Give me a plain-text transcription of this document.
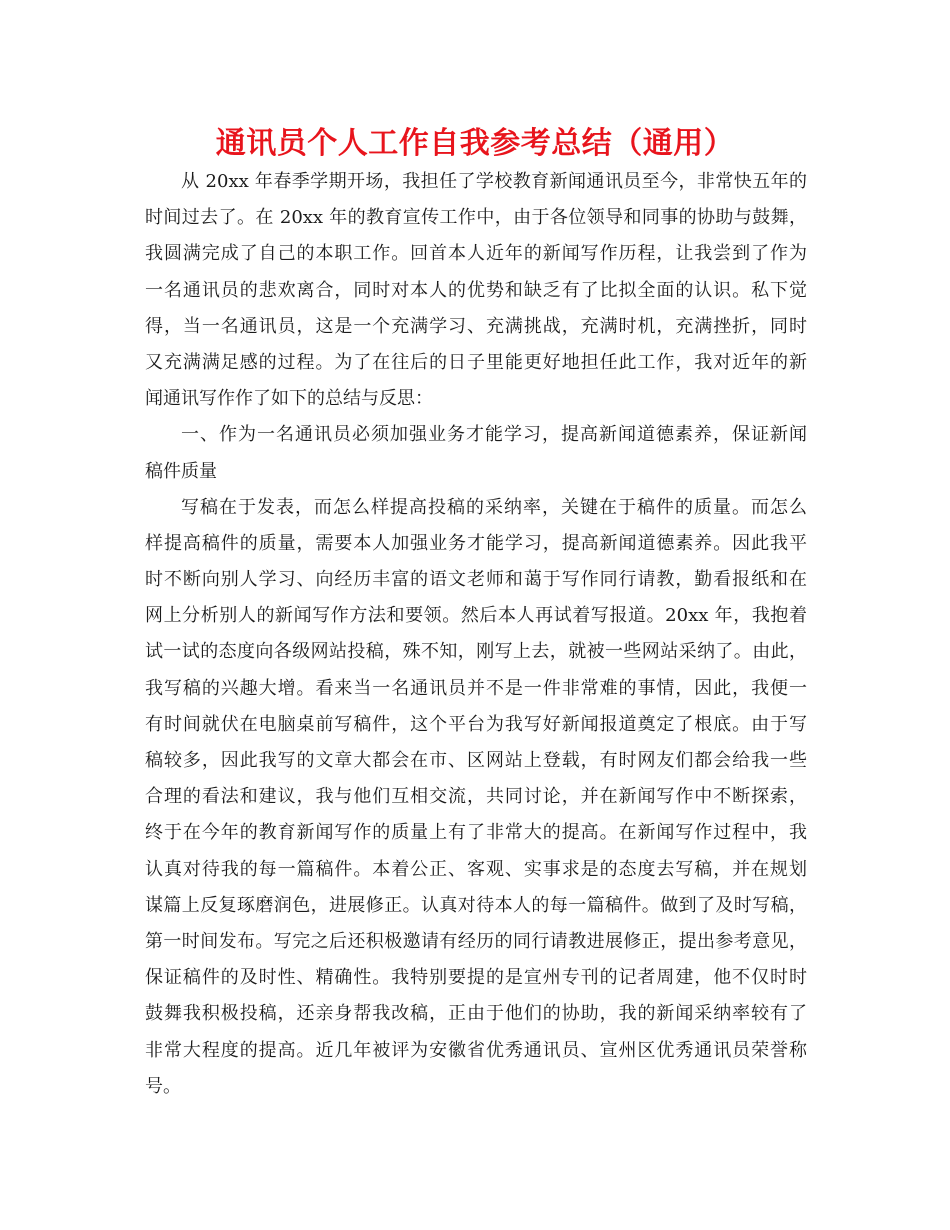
通讯员个人工作自我参考总结（通用）
从 20xx 年春季学期开场，我担任了学校教育新闻通讯员至今，非常快五年的
时间过去了。在 20xx 年的教育宣传工作中，由于各位领导和同事的协助与鼓舞，
我圆满完成了自己的本职工作。回首本人近年的新闻写作历程，让我尝到了作为
一名通讯员的悲欢离合，同时对本人的优势和缺乏有了比拟全面的认识。私下觉
得，当一名通讯员，这是一个充满学习、充满挑战，充满时机，充满挫折，同时
又充满满足感的过程。为了在往后的日子里能更好地担任此工作，我对近年的新
闻通讯写作作了如下的总结与反思：
一、作为一名通讯员必须加强业务才能学习，提高新闻道德素养，保证新闻
稿件质量
写稿在于发表，而怎么样提高投稿的采纳率，关键在于稿件的质量。而怎么
样提高稿件的质量，需要本人加强业务才能学习，提高新闻道德素养。因此我平
时不断向别人学习、向经历丰富的语文老师和蔼于写作同行请教，勤看报纸和在
网上分析别人的新闻写作方法和要领。然后本人再试着写报道。20xx 年，我抱着
试一试的态度向各级网站投稿，殊不知，刚写上去，就被一些网站采纳了。由此，
我写稿的兴趣大增。看来当一名通讯员并不是一件非常难的事情，因此，我便一
有时间就伏在电脑桌前写稿件，这个平台为我写好新闻报道奠定了根底。由于写
稿较多，因此我写的文章大都会在市、区网站上登载，有时网友们都会给我一些
合理的看法和建议，我与他们互相交流，共同讨论，并在新闻写作中不断探索，
终于在今年的教育新闻写作的质量上有了非常大的提高。在新闻写作过程中，我
认真对待我的每一篇稿件。本着公正、客观、实事求是的态度去写稿，并在规划
谋篇上反复琢磨润色，进展修正。认真对待本人的每一篇稿件。做到了及时写稿，
第一时间发布。写完之后还积极邀请有经历的同行请教进展修正，提出参考意见，
保证稿件的及时性、精确性。我特别要提的是宣州专刊的记者周建，他不仅时时
鼓舞我积极投稿，还亲身帮我改稿，正由于他们的协助，我的新闻采纳率较有了
非常大程度的提高。近几年被评为安徽省优秀通讯员、宣州区优秀通讯员荣誉称
号。
